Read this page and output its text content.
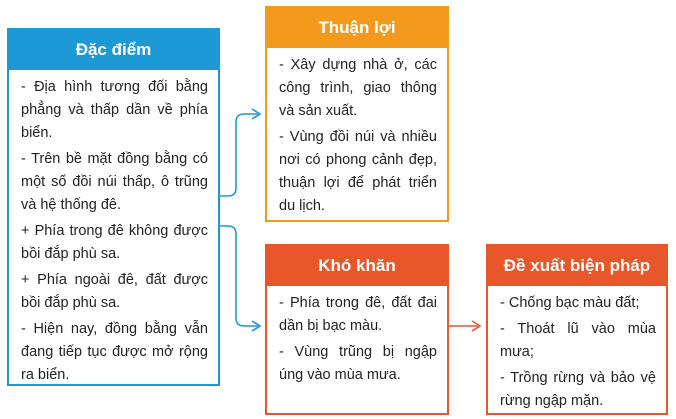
Đặc điểm

- Địa hình tương đối bằng phẳng và thấp dần về phía biển.

- Trên bề mặt đồng bằng có một số đồi núi thấp, ô trũng và hệ thống đê.

+ Phía trong đê không được bồi đắp phù sa.

+ Phía ngoài đê, đất được bồi đắp phù sa.

- Hiện nay, đồng bằng vẫn đang tiếp tục được mở rộng ra biển.

Thuận lợi

- Xây dựng nhà ở, các công trình, giao thông và sản xuất.

- Vùng đồi núi và nhiều nơi có phong cảnh đẹp, thuận lợi để phát triển du lịch.

Khó khăn

- Phía trong đê, đất đai dần bị bạc màu.

- Vùng trũng bị ngập úng vào mùa mưa.

Đề xuất biện pháp

- Chống bạc màu đất;

- Thoát lũ vào mùa mưa;

- Trồng rừng và bảo vệ rừng ngập mặn.
